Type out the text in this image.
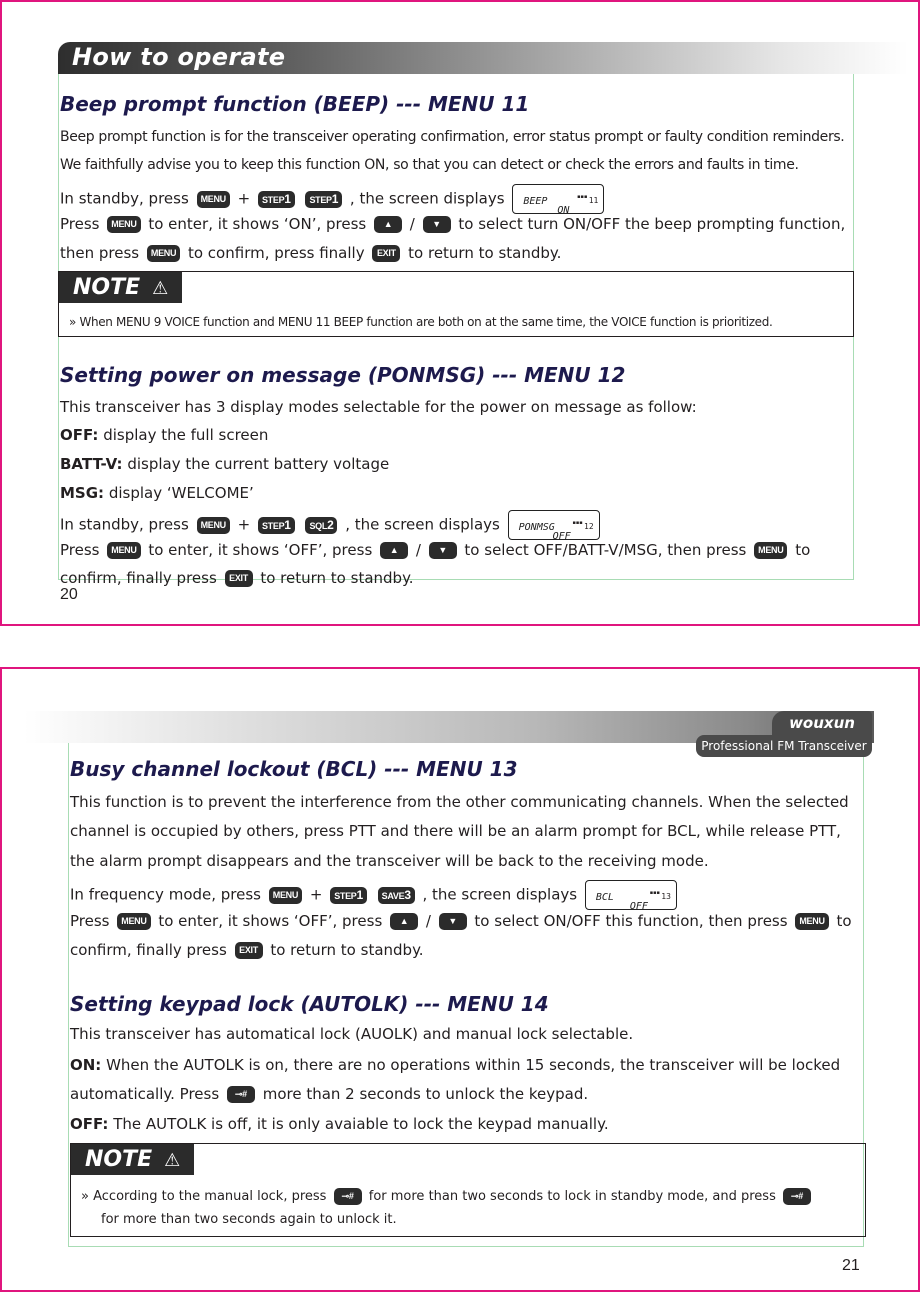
How to operate
Beep prompt function (BEEP) --- MENU 11
Beep prompt function is for the transceiver operating confirmation, error status prompt or faulty condition reminders.
We faithfully advise you to keep this function ON, so that you can detect or check the errors and faults in time.
In standby, press MENU + STEP1 STEP1 , the screen displays	▪▪▪
BEEP
ON
11
Press MENU to enter, it shows ‘ON’, press ▲ / ▼ to select turn ON/OFF the beep prompting function,
then press MENU to confirm, press finally EXIT to return to standby.
NOTE ⚠
» When MENU 9 VOICE function and MENU 11 BEEP function are both on at the same time, the VOICE function is prioritized.
Setting power on message (PONMSG) --- MENU 12
This transceiver has 3 display modes selectable for the power on message as follow:
OFF: display the full screen
BATT-V: display the current battery voltage
MSG: display ‘WELCOME’
In standby, press MENU + STEP1 SQL2 , the screen displays	▪▪▪
PONMSG
OFF
12
Press MENU to enter, it shows ‘OFF’, press ▲ / ▼ to select OFF/BATT-V/MSG, then press MENU to
confirm, finally press EXIT to return to standby.
20
wouxun
Professional FM Transceiver
Busy channel lockout (BCL) --- MENU 13
This function is to prevent the interference from the other communicating channels. When the selected
channel is occupied by others, press PTT and there will be an alarm prompt for BCL, while release PTT,
the alarm prompt disappears and the transceiver will be back to the receiving mode.
In frequency mode, press MENU + STEP1 SAVE3 , the screen displays	▪▪▪
BCL
OFF
13
Press MENU to enter, it shows ‘OFF’, press ▲ / ▼ to select ON/OFF this function, then press MENU to
confirm, finally press EXIT to return to standby.
Setting keypad lock (AUTOLK) --- MENU 14
This transceiver has automatical lock (AUOLK) and manual lock selectable.
ON: When the AUTOLK is on, there are no operations within 15 seconds, the transceiver will be locked
automatically. Press ⊸# more than 2 seconds to unlock the keypad.
OFF: The AUTOLK is off, it is only avaiable to lock the keypad manually.
NOTE ⚠
» According to the manual lock, press ⊸# for more than two seconds to lock in standby mode, and press ⊸#
for more than two seconds again to unlock it.
21
